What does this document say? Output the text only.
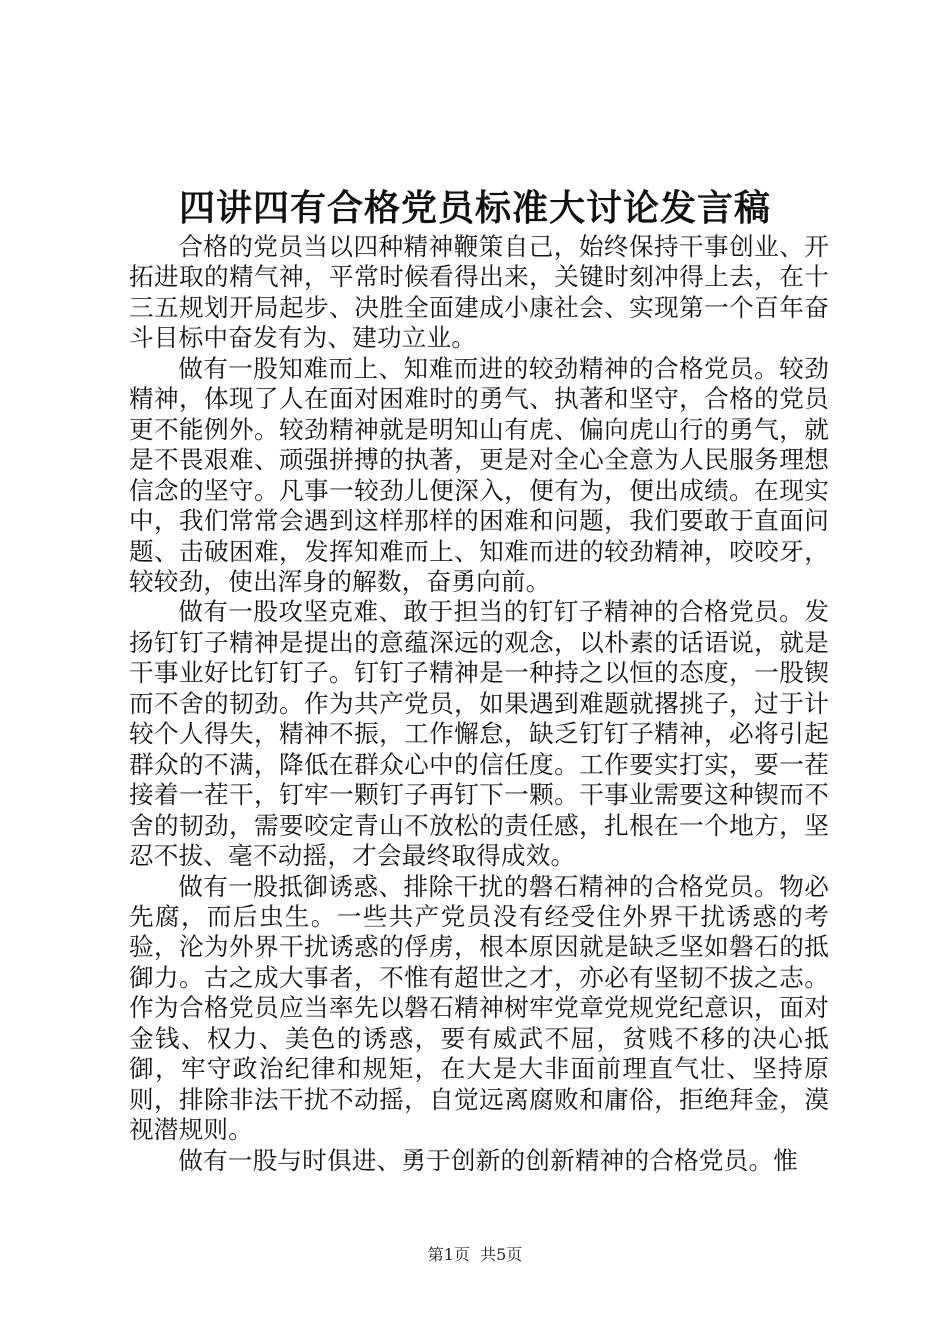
四讲四有合格党员标准大讨论发言稿

合格的党员当以四种精神鞭策自己，始终保持干事创业、开拓进取的精气神，平常时候看得出来，关键时刻冲得上去，在十三五规划开局起步、决胜全面建成小康社会、实现第一个百年奋斗目标中奋发有为、建功立业。

做有一股知难而上、知难而进的较劲精神的合格党员。较劲精神，体现了人在面对困难时的勇气、执著和坚守，合格的党员更不能例外。较劲精神就是明知山有虎、偏向虎山行的勇气，就是不畏艰难、顽强拼搏的执著，更是对全心全意为人民服务理想信念的坚守。凡事一较劲儿便深入，便有为，便出成绩。在现实中，我们常常会遇到这样那样的困难和问题，我们要敢于直面问题、击破困难，发挥知难而上、知难而进的较劲精神，咬咬牙，较较劲，使出浑身的解数，奋勇向前。

做有一股攻坚克难、敢于担当的钉钉子精神的合格党员。发扬钉钉子精神是提出的意蕴深远的观念，以朴素的话语说，就是干事业好比钉钉子。钉钉子精神是一种持之以恒的态度，一股锲而不舍的韧劲。作为共产党员，如果遇到难题就撂挑子，过于计较个人得失，精神不振，工作懈怠，缺乏钉钉子精神，必将引起群众的不满，降低在群众心中的信任度。工作要实打实，要一茬接着一茬干，钉牢一颗钉子再钉下一颗。干事业需要这种锲而不舍的韧劲，需要咬定青山不放松的责任感，扎根在一个地方，坚忍不拔、毫不动摇，才会最终取得成效。

做有一股抵御诱惑、排除干扰的磐石精神的合格党员。物必先腐，而后虫生。一些共产党员没有经受住外界干扰诱惑的考验，沦为外界干扰诱惑的俘虏，根本原因就是缺乏坚如磐石的抵御力。古之成大事者，不惟有超世之才，亦必有坚韧不拔之志。作为合格党员应当率先以磐石精神树牢党章党规党纪意识，面对金钱、权力、美色的诱惑，要有威武不屈，贫贱不移的决心抵御，牢守政治纪律和规矩，在大是大非面前理直气壮、坚持原则，排除非法干扰不动摇，自觉远离腐败和庸俗，拒绝拜金，漠视潜规则。

做有一股与时俱进、勇于创新的创新精神的合格党员。惟

第1页 共5页
